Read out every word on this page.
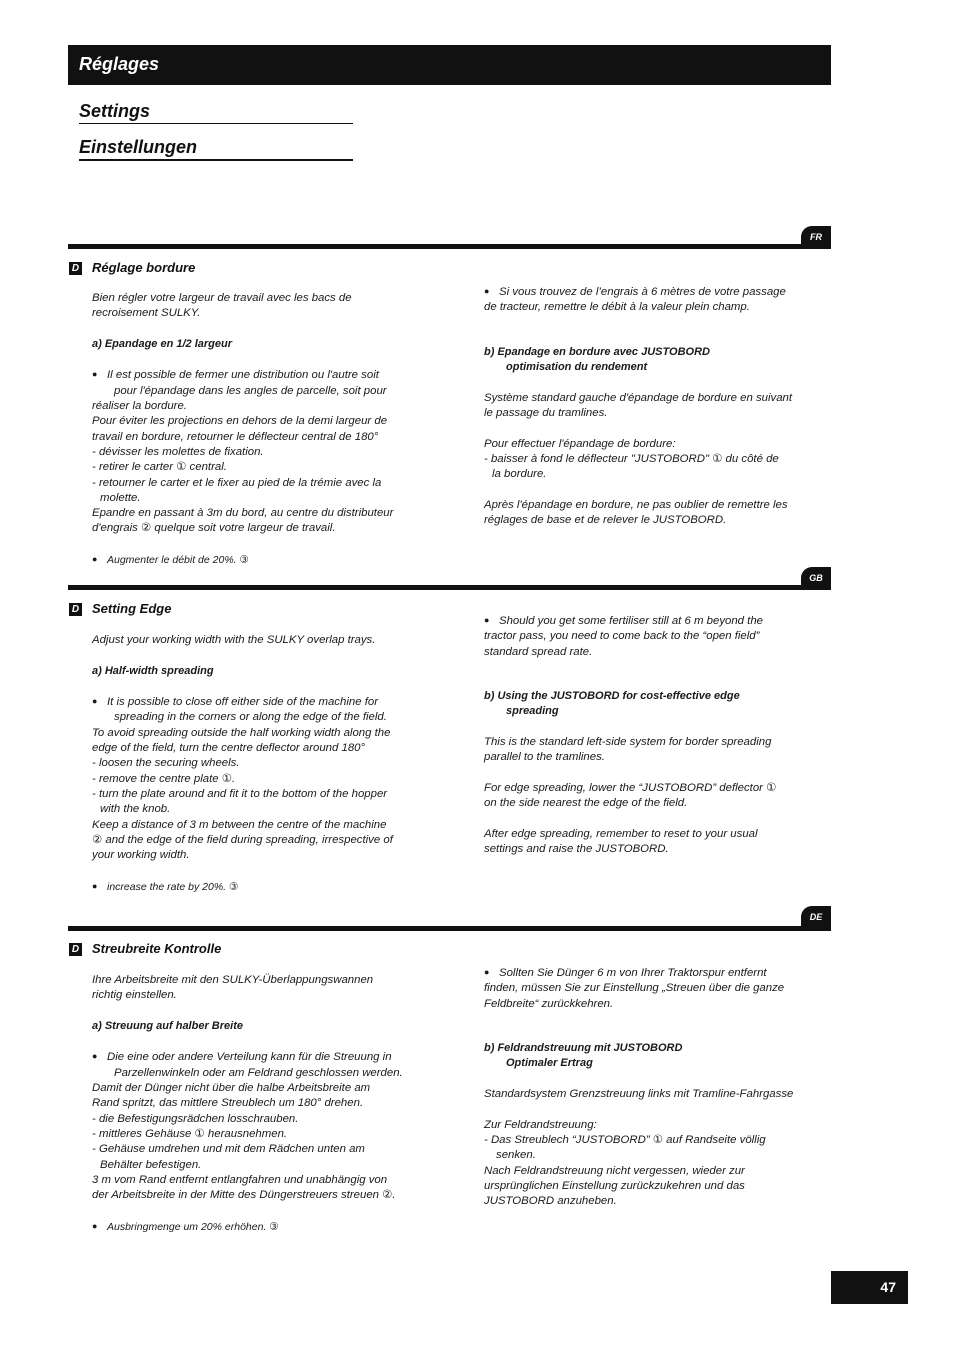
Réglages
Settings
Einstellungen
FR
D Réglage bordure

Bien régler votre largeur de travail avec les bacs de recroisement SULKY.

a) Epandage en 1/2 largeur

● Il est possible de fermer une distribution ou l'autre soit

pour l'épandage dans les angles de parcelle, soit pour

réaliser la bordure.

Pour éviter les projections en dehors de la demi largeur de

travail en bordure, retourner le déflecteur central de 180°

- dévisser les molettes de fixation.

- retirer le carter ① central.

- retourner le carter et le fixer au pied de la trémie avec la

molette.

Epandre en passant à 3m du bord, au centre du distributeur

d'engrais ② quelque soit votre largeur de travail.

● Augmenter le débit de 20%. ③

● Si vous trouvez de l’engrais à 6 mètres de votre passage

de tracteur, remettre le débit à la valeur plein champ.

b) Epandage en bordure avec JUSTOBORD

optimisation du rendement

Système standard gauche d'épandage de bordure en suivant

le passage du tramlines.

Pour effectuer l'épandage de bordure:

- baisser à fond le déflecteur "JUSTOBORD" ① du côté de

la bordure.

Après l'épandage en bordure, ne pas oublier de remettre les

réglages de base et de relever le JUSTOBORD.

GB
D Setting Edge

Adjust your working width with the SULKY overlap trays.

a) Half-width spreading

● It is possible to close off either side of the machine for

spreading in the corners or along the edge of the field.

To avoid spreading outside the half working width along the

edge of the field, turn the centre deflector around 180°

- loosen the securing wheels.

- remove the centre plate ①.

- turn the plate around and fit it to the bottom of the hopper

with the knob.

Keep a distance of 3 m between the centre of the machine

② and the edge of the field during spreading, irrespective of

your working width.

● increase the rate by 20%. ③

● Should you get some fertiliser still at 6 m beyond the

tractor pass, you need to come back to the “open field”

standard spread rate.

b) Using the JUSTOBORD for cost-effective edge

spreading

This is the standard left-side system for border spreading

parallel to the tramlines.

For edge spreading, lower the “JUSTOBORD” deflector ①

on the side nearest the edge of the field.

After edge spreading, remember to reset to your usual

settings and raise the JUSTOBORD.

DE
D Streubreite Kontrolle

Ihre Arbeitsbreite mit den SULKY-Überlappungswannen

richtig einstellen.

a) Streuung auf halber Breite

● Die eine oder andere Verteilung kann für die Streuung in

Parzellenwinkeln oder am Feldrand geschlossen werden.

Damit der Dünger nicht über die halbe Arbeitsbreite am

Rand spritzt, das mittlere Streublech um 180° drehen.

- die Befestigungsrädchen losschrauben.

- mittleres Gehäuse ① herausnehmen.

- Gehäuse umdrehen und mit dem Rädchen unten am

Behälter befestigen.

3 m vom Rand entfernt entlangfahren und unabhängig von

der Arbeitsbreite in der Mitte des Düngerstreuers streuen ②.

● Ausbringmenge um 20% erhöhen. ③

● Sollten Sie Dünger 6 m von Ihrer Traktorspur entfernt

finden, müssen Sie zur Einstellung „Streuen über die ganze

Feldbreite“ zurückkehren.

b) Feldrandstreuung mit JUSTOBORD

Optimaler Ertrag

Standardsystem Grenzstreuung links mit Tramline-Fahrgasse

Zur Feldrandstreuung:

- Das Streublech “JUSTOBORD” ① auf Randseite völlig

senken.

Nach Feldrandstreuung nicht vergessen, wieder zur

ursprünglichen Einstellung zurückzukehren und das

JUSTOBORD anzuheben.

47
